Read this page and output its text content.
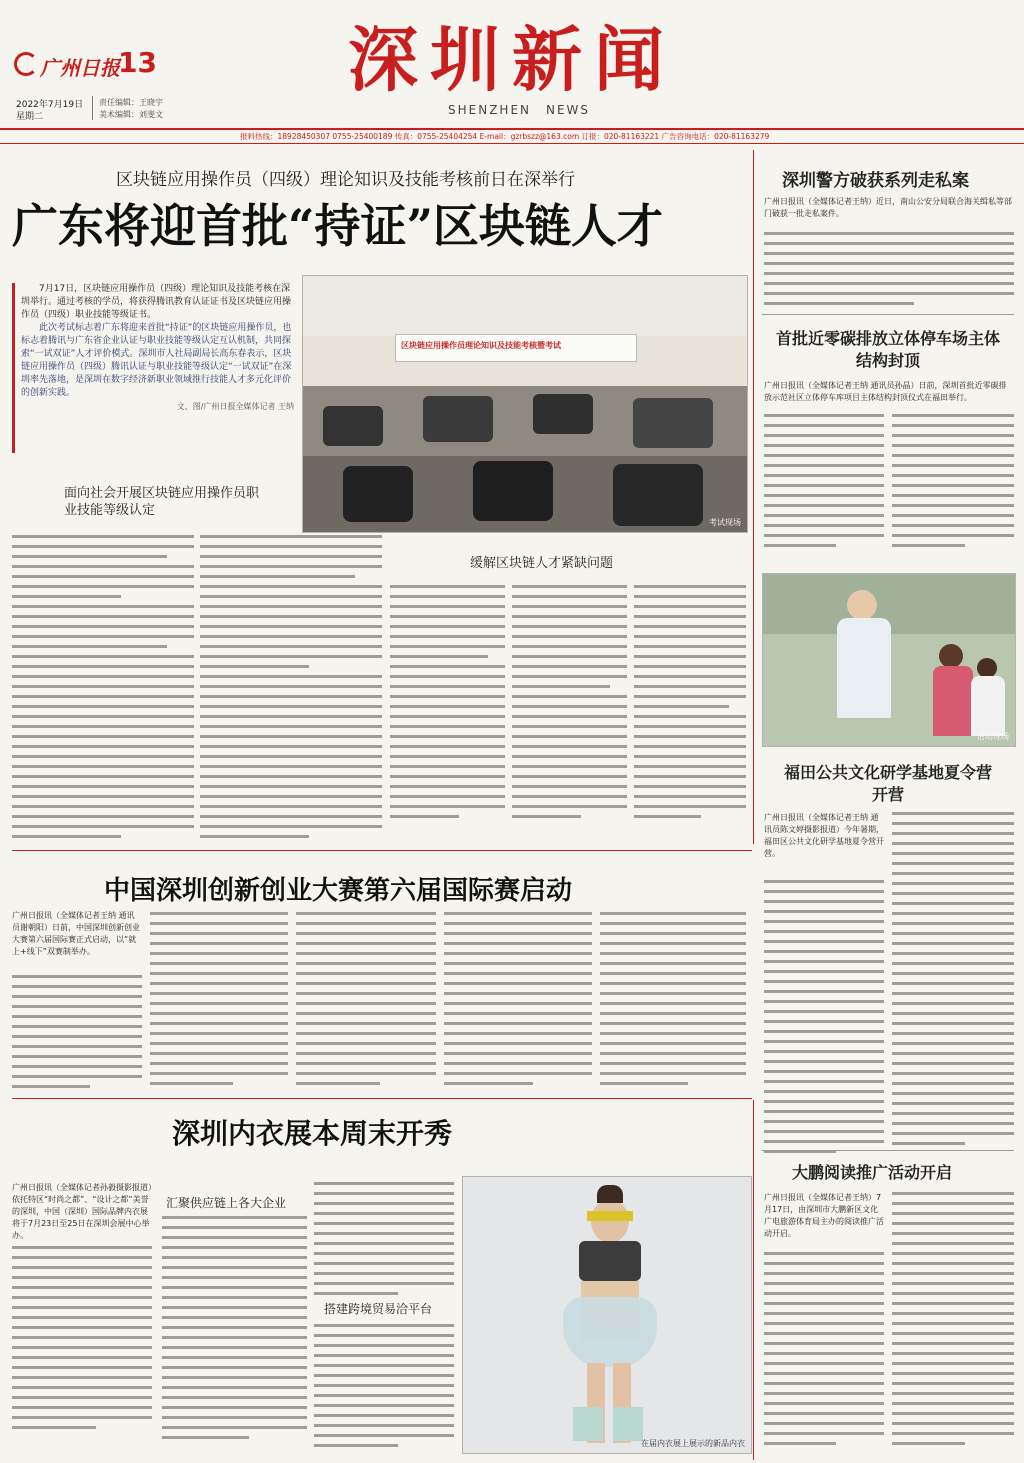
广州日报
13
2022年7月19日
星期二
责任编辑：王晓宇
美术编辑：刘斐文
深圳新闻
SHENZHEN NEWS
报料热线：18928450307 0755-25400189 传真：0755-25404254 E-mail：gzrbszz@163.com 订报：020-81163221 广告咨询电话：020-81163279
区块链应用操作员（四级）理论知识及技能考核前日在深举行
广东将迎首批“持证”区块链人才
7月17日，区块链应用操作员（四级）理论知识及技能考核在深圳举行。通过考核的学员，将获得腾讯教育认证证书及区块链应用操作员（四级）职业技能等级证书。
此次考试标志着广东将迎来首批“持证”的区块链应用操作员，也标志着腾讯与广东省企业认证与职业技能等级认定互认机制，共同探索“一试双证”人才评价模式。深圳市人社局副局长高东春表示，区块链应用操作员（四级）腾讯认证与职业技能等级认定“一试双证”在深圳率先落地，是深圳在数字经济新职业领域推行技能人才多元化评价的创新实践。
文、图/广州日报全媒体记者 王纳
区块链应用操作员理论知识及技能考核暨考试
考试现场
面向社会开展区块链应用操作员职业技能等级认定
缓解区块链人才紧缺问题
深圳警方破获系列走私案
广州日报讯（全媒体记者王纳）近日，南山公安分局联合海关缉私等部门破获一批走私案件。
首批近零碳排放立体停车场主体结构封顶
广州日报讯（全媒体记者王纳 通讯员孙晶）日前，深圳首批近零碳排放示范社区立体停车库项目主体结构封顶仪式在福田举行。
活动现场
福田公共文化研学基地夏令营开营
广州日报讯（全媒体记者王纳 通讯员陈文婷摄影报道）今年暑期，福田区公共文化研学基地夏令营开营。
大鹏阅读推广活动开启
广州日报讯（全媒体记者王纳）7月17日，由深圳市大鹏新区文化广电旅游体育局主办的阅读推广活动开启。
中国深圳创新创业大赛第六届国际赛启动
广州日报讯（全媒体记者王纳 通讯员谢朝阳）日前，中国深圳创新创业大赛第六届国际赛正式启动，以“就上+线下”双赛制举办。
深圳内衣展本周末开秀
广州日报讯（全媒体记者孙毅摄影报道）依托特区“时尚之都”、“设计之都”美誉的深圳，中国（深圳）国际品牌内衣展将于7月23日至25日在深圳会展中心举办。
汇聚供应链上各大企业
搭建跨境贸易洽平台
在届内衣展上展示的新品内衣
